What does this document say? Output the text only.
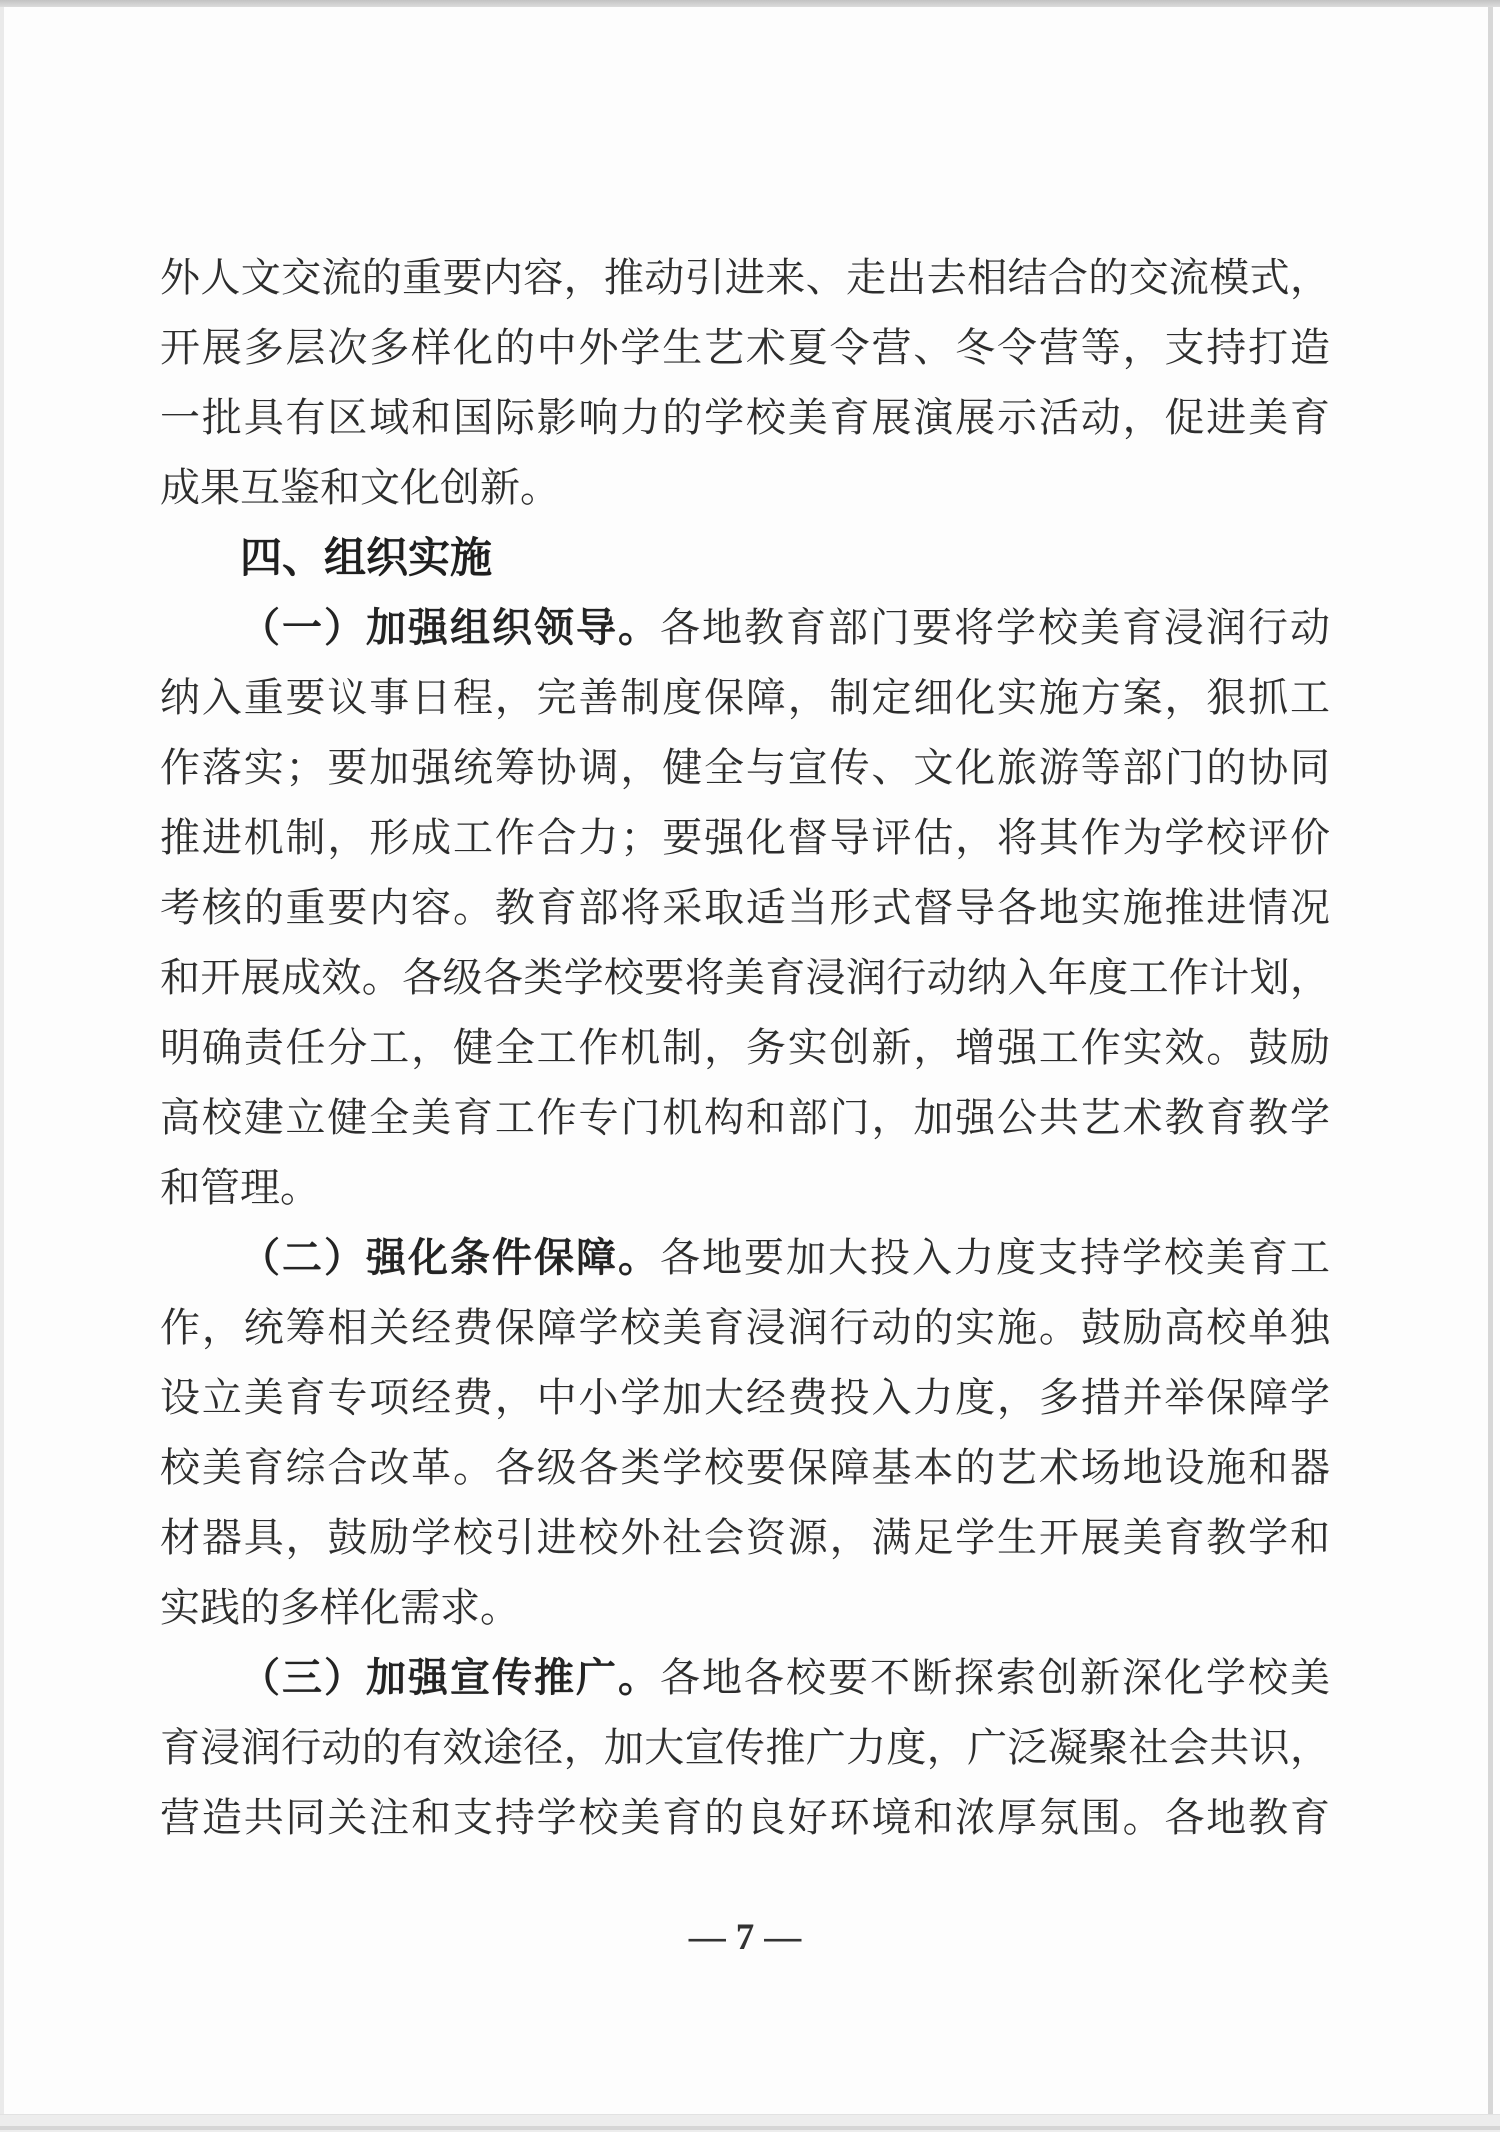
外人文交流的重要内容，推动引进来、走出去相结合的交流模式，

开展多层次多样化的中外学生艺术夏令营、冬令营等，支持打造

一批具有区域和国际影响力的学校美育展演展示活动，促进美育

成果互鉴和文化创新。

四、组织实施

（一）加强组织领导。各地教育部门要将学校美育浸润行动

纳入重要议事日程，完善制度保障，制定细化实施方案，狠抓工

作落实；要加强统筹协调，健全与宣传、文化旅游等部门的协同

推进机制，形成工作合力；要强化督导评估，将其作为学校评价

考核的重要内容。教育部将采取适当形式督导各地实施推进情况

和开展成效。各级各类学校要将美育浸润行动纳入年度工作计划，

明确责任分工，健全工作机制，务实创新，增强工作实效。鼓励

高校建立健全美育工作专门机构和部门，加强公共艺术教育教学

和管理。

（二）强化条件保障。各地要加大投入力度支持学校美育工

作，统筹相关经费保障学校美育浸润行动的实施。鼓励高校单独

设立美育专项经费，中小学加大经费投入力度，多措并举保障学

校美育综合改革。各级各类学校要保障基本的艺术场地设施和器

材器具，鼓励学校引进校外社会资源，满足学生开展美育教学和

实践的多样化需求。

（三）加强宣传推广。各地各校要不断探索创新深化学校美

育浸润行动的有效途径，加大宣传推广力度，广泛凝聚社会共识，

营造共同关注和支持学校美育的良好环境和浓厚氛围。各地教育

—7—
